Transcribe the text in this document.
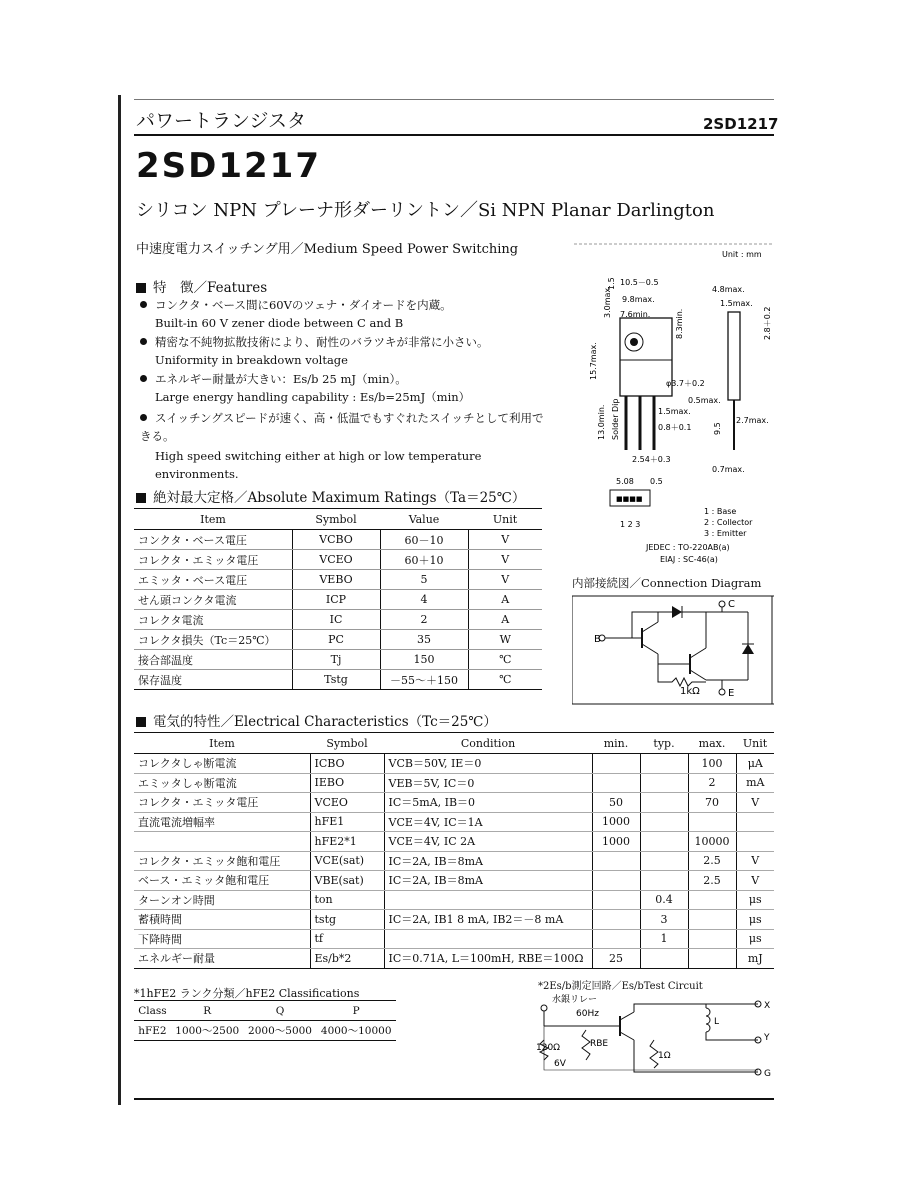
パワートランジスタ	2SD1217
2SD1217
シリコン NPN プレーナ形ダーリントン／Si NPN Planar Darlington
中速度電力スイッチング用／Medium Speed Power Switching
特　徴／Features
コンクタ・ベース間に60Vのツェナ・ダイオードを内蔵。
Built-in 60 V zener diode between C and B
精密な不純物拡散技術により、耐性のバラツキが非常に小さい。
Uniformity in breakdown voltage
エネルギー耐量が大きい：Es/b 25 mJ（min）。
Large energy handling capability : Es/b=25mJ（min）
スイッチングスピードが速く、高・低温でもすぐれたスイッチとして利用できる。
High speed switching either at high or low temperature environments.
絶対最大定格／Absolute Maximum Ratings（Ta＝25℃）
Item	Symbol	Value	Unit
コンクタ・ベース電圧	VCBO	60－10	V
コレクタ・エミッタ電圧	VCEO	60＋10	V
エミッタ・ベース電圧	VEBO	5	V
せん頭コンクタ電流	ICP	4	A
コレクタ電流	IC	2	A
コレクタ損失（Tc＝25℃）	PC	35	W
接合部温度	Tj	150	℃
保存温度	Tstg	－55～＋150	℃
電気的特性／Electrical Characteristics（Tc＝25℃）
Item	Symbol	Condition	min.	typ.	max.	Unit
コレクタしゃ断電流	ICBO	VCB＝50V, IE＝0			100	μA
エミッタしゃ断電流	IEBO	VEB＝5V, IC＝0			2	mA
コレクタ・エミッタ電圧	VCEO	IC＝5mA, IB＝0	50		70	V
直流電流増幅率	hFE1	VCE＝4V, IC＝1A	1000			
	hFE2*1	VCE＝4V, IC 2A	1000		10000	
コレクタ・エミッタ飽和電圧	VCE(sat)	IC＝2A, IB＝8mA			2.5	V
ベース・エミッタ飽和電圧	VBE(sat)	IC＝2A, IB＝8mA			2.5	V
ターンオン時間	ton			0.4		μs
蓄積時間	tstg	IC＝2A, IB1 8 mA, IB2＝－8 mA		3		μs
下降時間	tf			1		μs
エネルギー耐量	Es/b*2	IC＝0.71A, L＝100mH, RBE＝100Ω	25			mJ
*1hFE2 ランク分類／hFE2 Classifications
Class	R	Q	P
hFE2	1000～2500	2000～5000	4000～10000
Unit : mm
■■■■
10.5－0.5
9.8max.
7.6min.
3.0max.
8.3min.
15.7max.
φ3.7＋0.2
1.5max.
0.8＋0.1
13.0min. Solder Dip
2.54＋0.3
5.08 0.5
4.8max.
1.5max.
2.8＋0.2
0.5max.
2.7max.
9.5
0.7max.
1.5
1 2 3
1 : Base
2 : Collector
3 : Emitter
JEDEC : TO-220AB(a)
EIAJ : SC-46(a)
内部接続図／Connection Diagram
C
B
E
1kΩ
*2Es/b測定回路／Es/bTest Circuit
水銀リレー
60Hz
120Ω
6V
RBE
1Ω
L
X
Y
G
